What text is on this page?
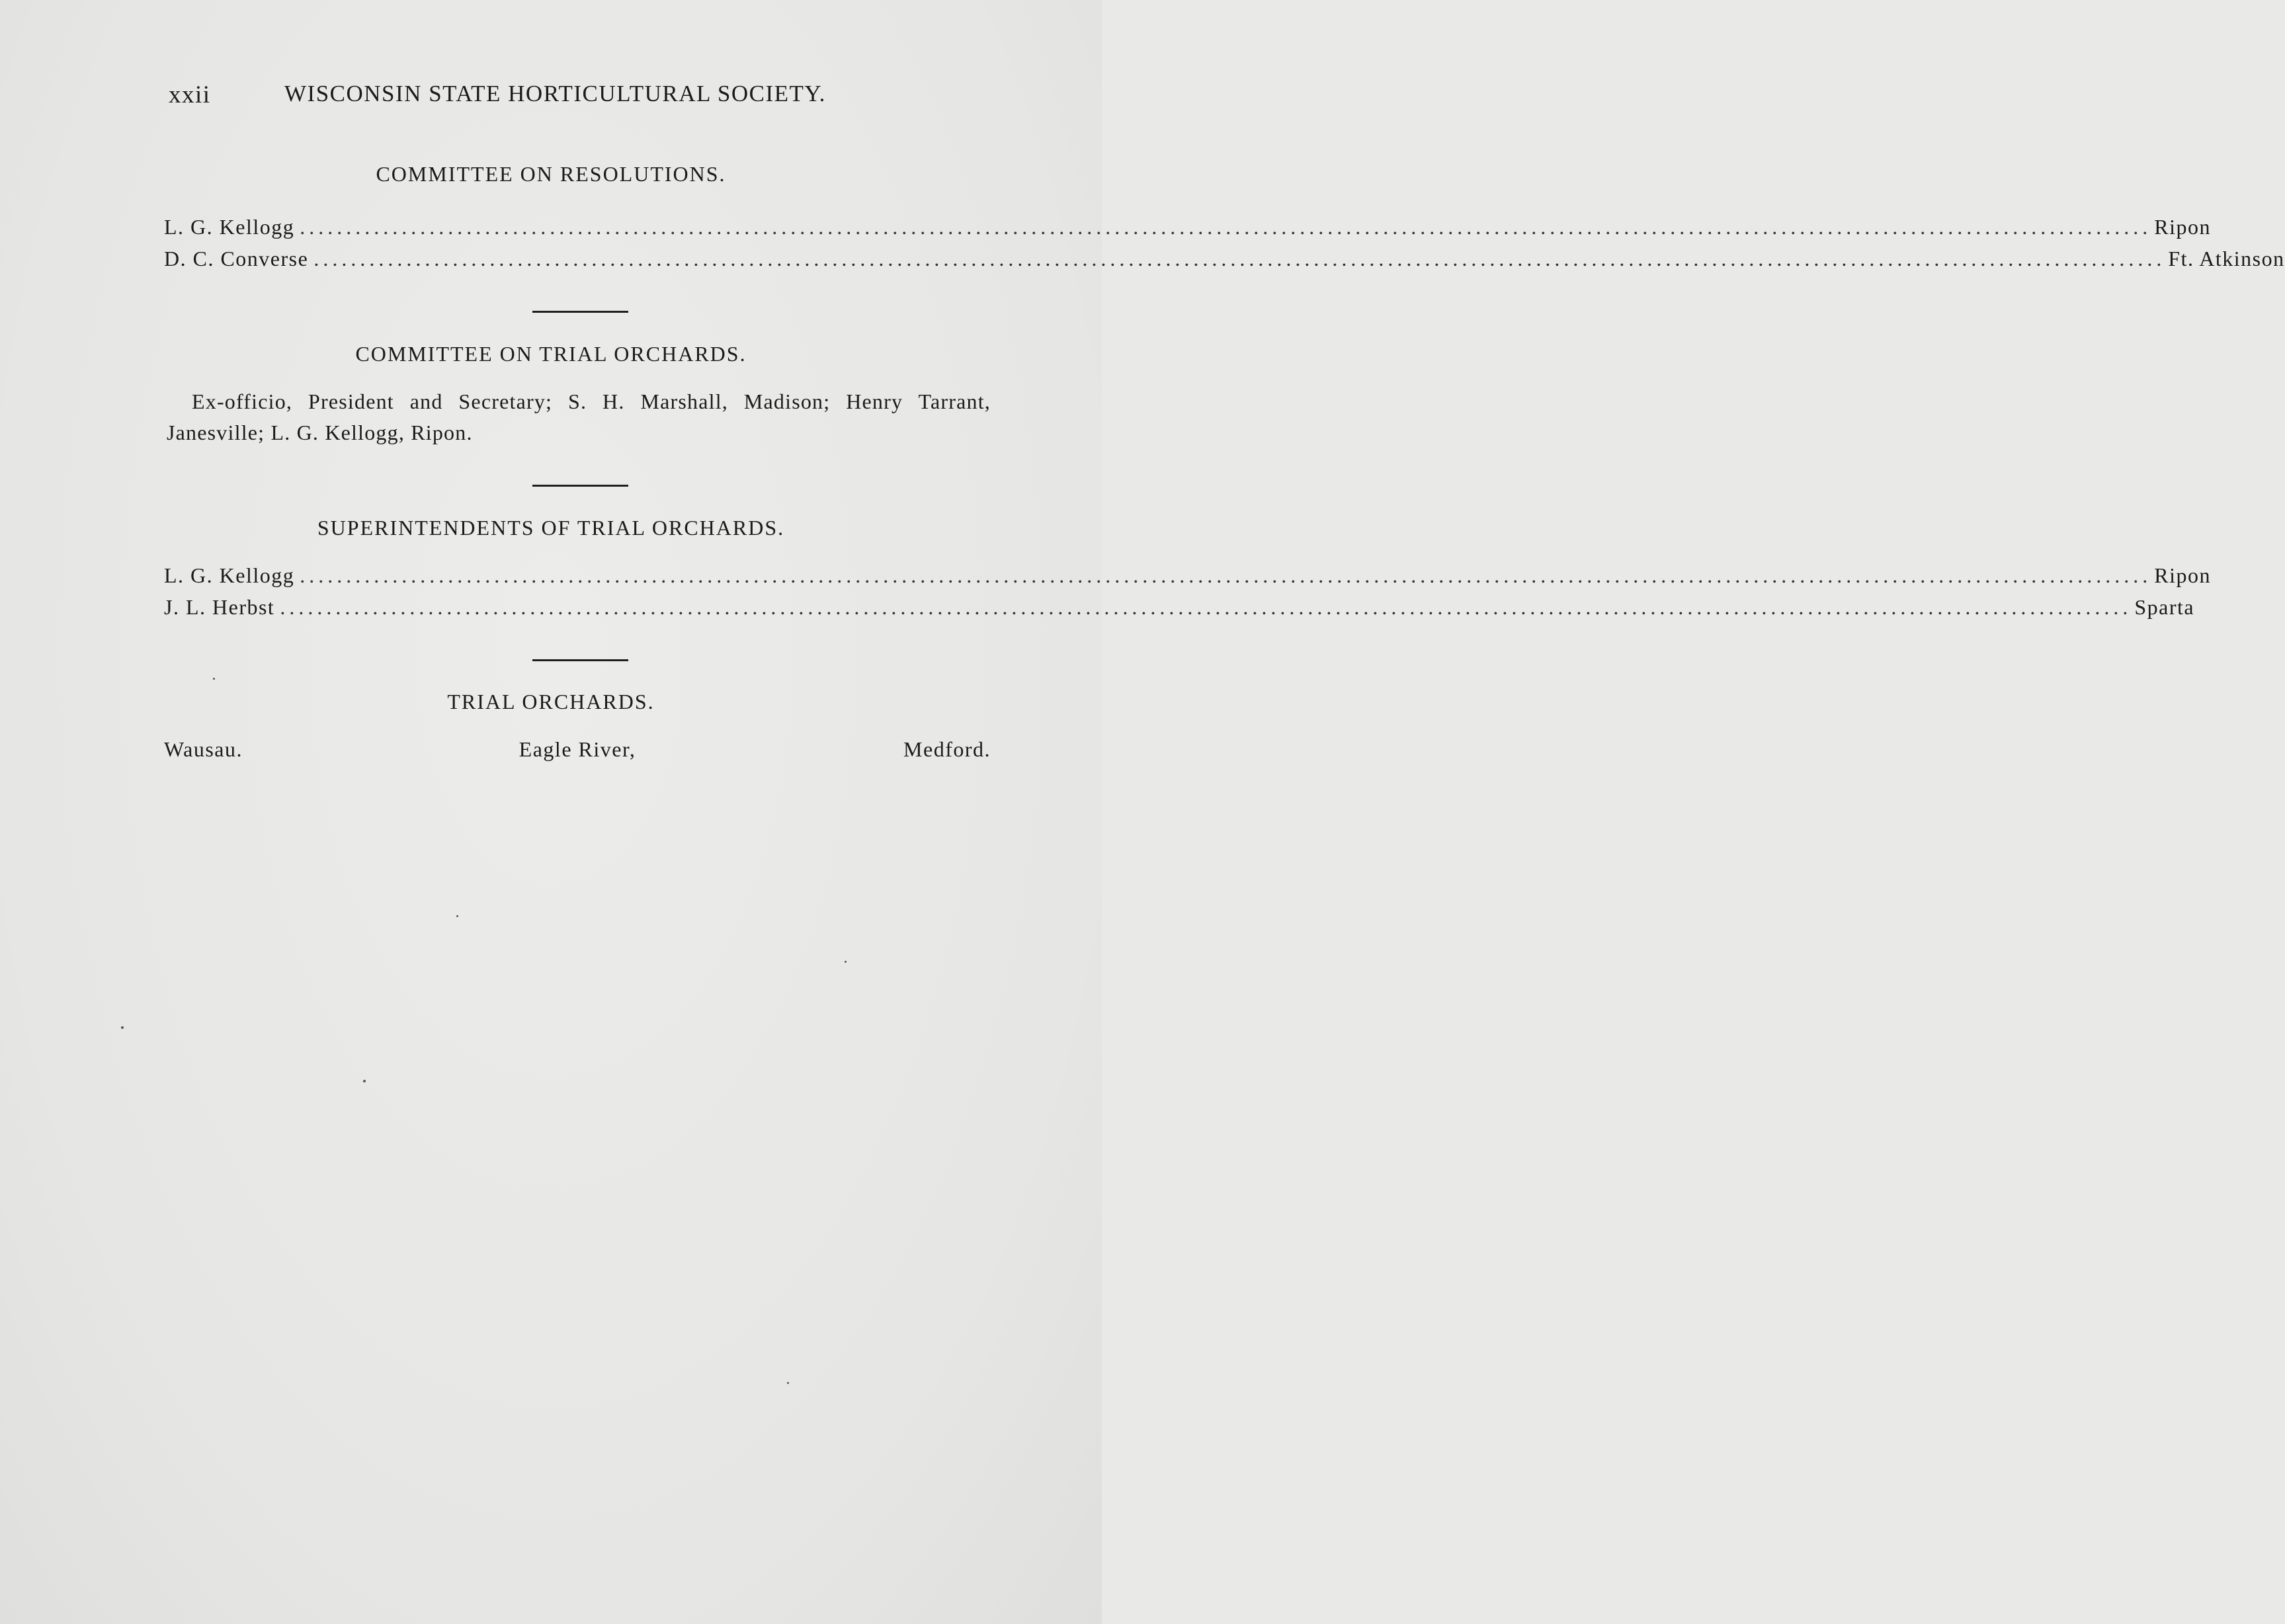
xxii	WISCONSIN STATE HORTICULTURAL SOCIETY.
COMMITTEE ON RESOLUTIONS.
L. G. Kellogg ........................................................................................................................................................................................................ Ripon
D. C. Converse ........................................................................................................................................................................................................ Ft. Atkinson
COMMITTEE ON TRIAL ORCHARDS.
Ex-officio, President and Secretary; S. H. Marshall, Madison; Henry Tarrant, Janesville; L. G. Kellogg, Ripon.
SUPERINTENDENTS OF TRIAL ORCHARDS.
L. G. Kellogg ........................................................................................................................................................................................................ Ripon
J. L. Herbst ........................................................................................................................................................................................................ Sparta
TRIAL ORCHARDS.
Wausau.	Eagle River,	Medford.
